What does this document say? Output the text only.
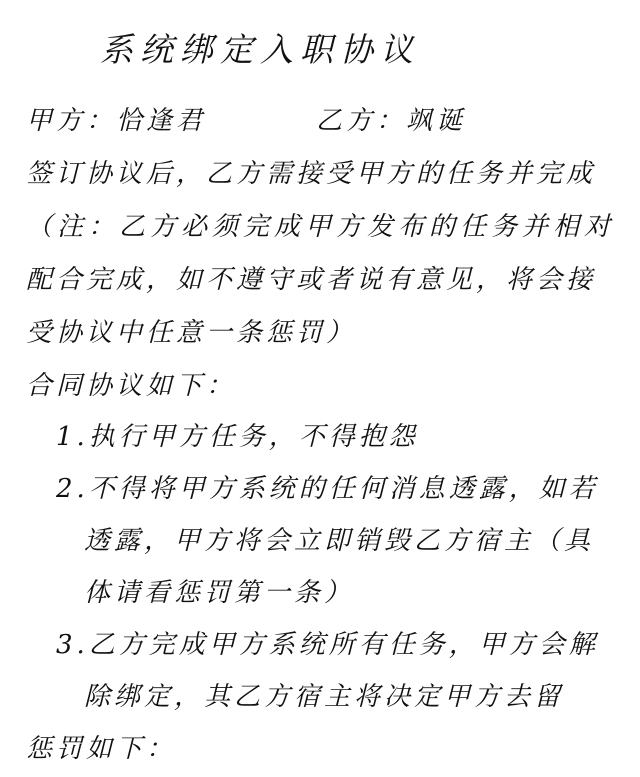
系统绑定入职协议
甲方：恰逢君	乙方：飒诞
签订协议后，乙方需接受甲方的任务并完成
（注：乙方必须完成甲方发布的任务并相对
配合完成，如不遵守或者说有意见，将会接
受协议中任意一条惩罚）
合同协议如下：
1.执行甲方任务，不得抱怨
2.不得将甲方系统的任何消息透露，如若
透露，甲方将会立即销毁乙方宿主（具
体请看惩罚第一条）
3.乙方完成甲方系统所有任务，甲方会解
除绑定，其乙方宿主将决定甲方去留
惩罚如下：
